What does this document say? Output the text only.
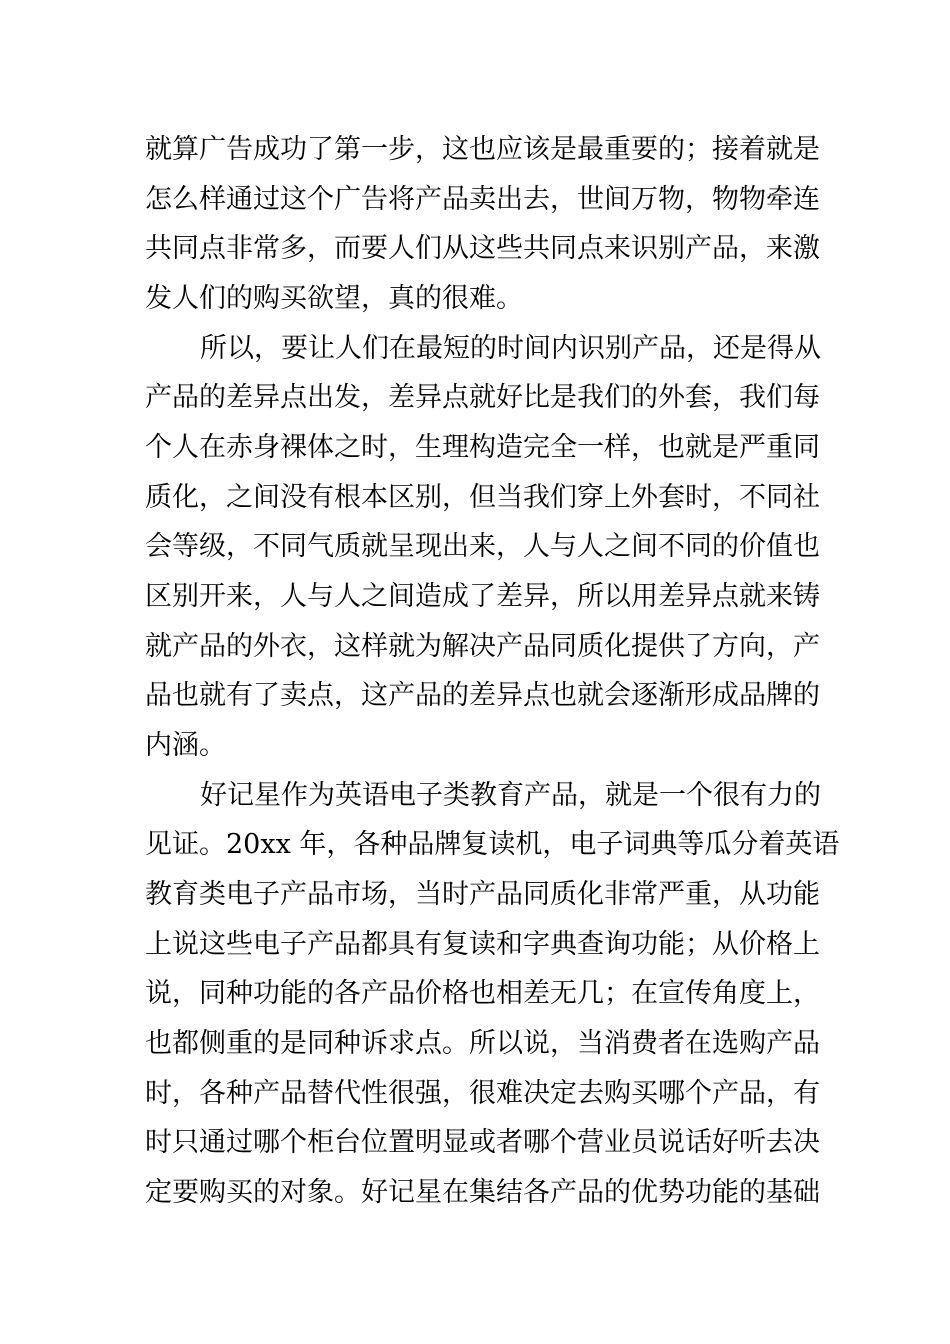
就算广告成功了第一步，这也应该是最重要的；接着就是
怎么样通过这个广告将产品卖出去，世间万物，物物牵连
共同点非常多，而要人们从这些共同点来识别产品，来激
发人们的购买欲望，真的很难。
所以，要让人们在最短的时间内识别产品，还是得从
产品的差异点出发，差异点就好比是我们的外套，我们每
个人在赤身裸体之时，生理构造完全一样，也就是严重同
质化，之间没有根本区别，但当我们穿上外套时，不同社
会等级，不同气质就呈现出来，人与人之间不同的价值也
区别开来，人与人之间造成了差异，所以用差异点就来铸
就产品的外衣，这样就为解决产品同质化提供了方向，产
品也就有了卖点，这产品的差异点也就会逐渐形成品牌的
内涵。
好记星作为英语电子类教育产品，就是一个很有力的
见证。20xx 年，各种品牌复读机，电子词典等瓜分着英语
教育类电子产品市场，当时产品同质化非常严重，从功能
上说这些电子产品都具有复读和字典查询功能；从价格上
说，同种功能的各产品价格也相差无几；在宣传角度上，
也都侧重的是同种诉求点。所以说，当消费者在选购产品
时，各种产品替代性很强，很难决定去购买哪个产品，有
时只通过哪个柜台位置明显或者哪个营业员说话好听去决
定要购买的对象。好记星在集结各产品的优势功能的基础
